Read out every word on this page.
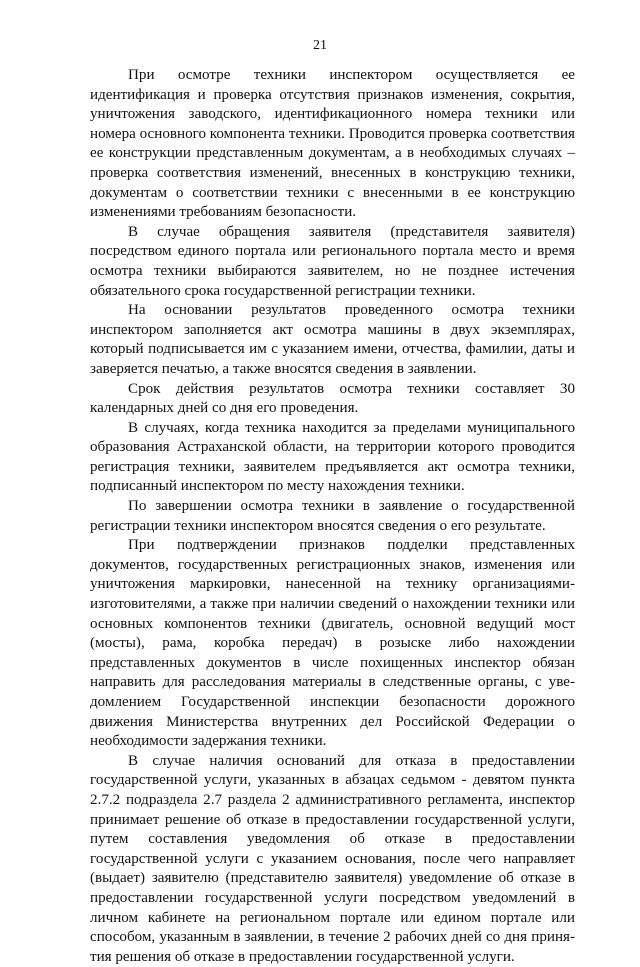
21

При осмотре техники инспектором осуществляется ее идентификация и проверка отсутствия признаков изменения, сокрытия, уничтожения заводского, идентификационного номера техники или номера основного компонента техники. Проводится проверка соответствия ее конструкции представленным документам, а в необходимых случаях – проверка соответствия изменений, внесенных в конструкцию техники, документам о соответствии техники с внесенными в ее конструкцию изменениями требованиям безопасности.

В случае обращения заявителя (представителя заявителя) посредством единого портала или регионального портала место и время осмотра техники выбираются заявителем, но не позднее истечения обязательного срока государственной регистрации техники.

На основании результатов проведенного осмотра техники инспектором заполняется акт осмотра машины в двух экземплярах, который подписывается им с указанием имени, отчества, фамилии, даты и заверяется печатью, а также вносятся сведения в заявлении.

Срок действия результатов осмотра техники составляет 30 календарных дней со дня его проведения.

В случаях, когда техника находится за пределами муниципального образования Астраханской области, на территории которого проводится регистрация техники, заявителем предъявляется акт осмотра техники, подписанный инспектором по месту нахождения техники.

По завершении осмотра техники в заявление о государственной регистрации техники инспектором вносятся сведения о его результате.

При подтверждении признаков подделки представленных документов, государственных регистрационных знаков, изменения или уничтожения маркировки, нанесенной на технику организациями-изготовителями, а также при наличии сведений о нахождении техники или основных компонентов техники (двигатель, основной ведущий мост (мосты), рама, коробка передач) в розыске либо нахождении представленных документов в числе похищенных инспектор обязан направить для расследования материалы в следственные органы, с уведомлением Государственной инспекции безопасности дорожного движения Министерства внутренних дел Российской Федерации о необходимости задержания техники.

В случае наличия оснований для отказа в предоставлении государственной услуги, указанных в абзацах седьмом - девятом пункта 2.7.2 подраздела 2.7 раздела 2 административного регламента, инспектор принимает решение об отказе в предоставлении государственной услуги, путем составления уведомления об отказе в предоставлении государственной услуги с указанием основания, после чего направляет (выдает) заявителю (представителю заявителя) уведомление об отказе в предоставлении государственной услуги посредством уведомлений в личном кабинете на региональном портале или едином портале или способом, указанным в заявлении, в течение 2 рабочих дней со дня принятия решения об отказе в предоставлении государственной услуги.
